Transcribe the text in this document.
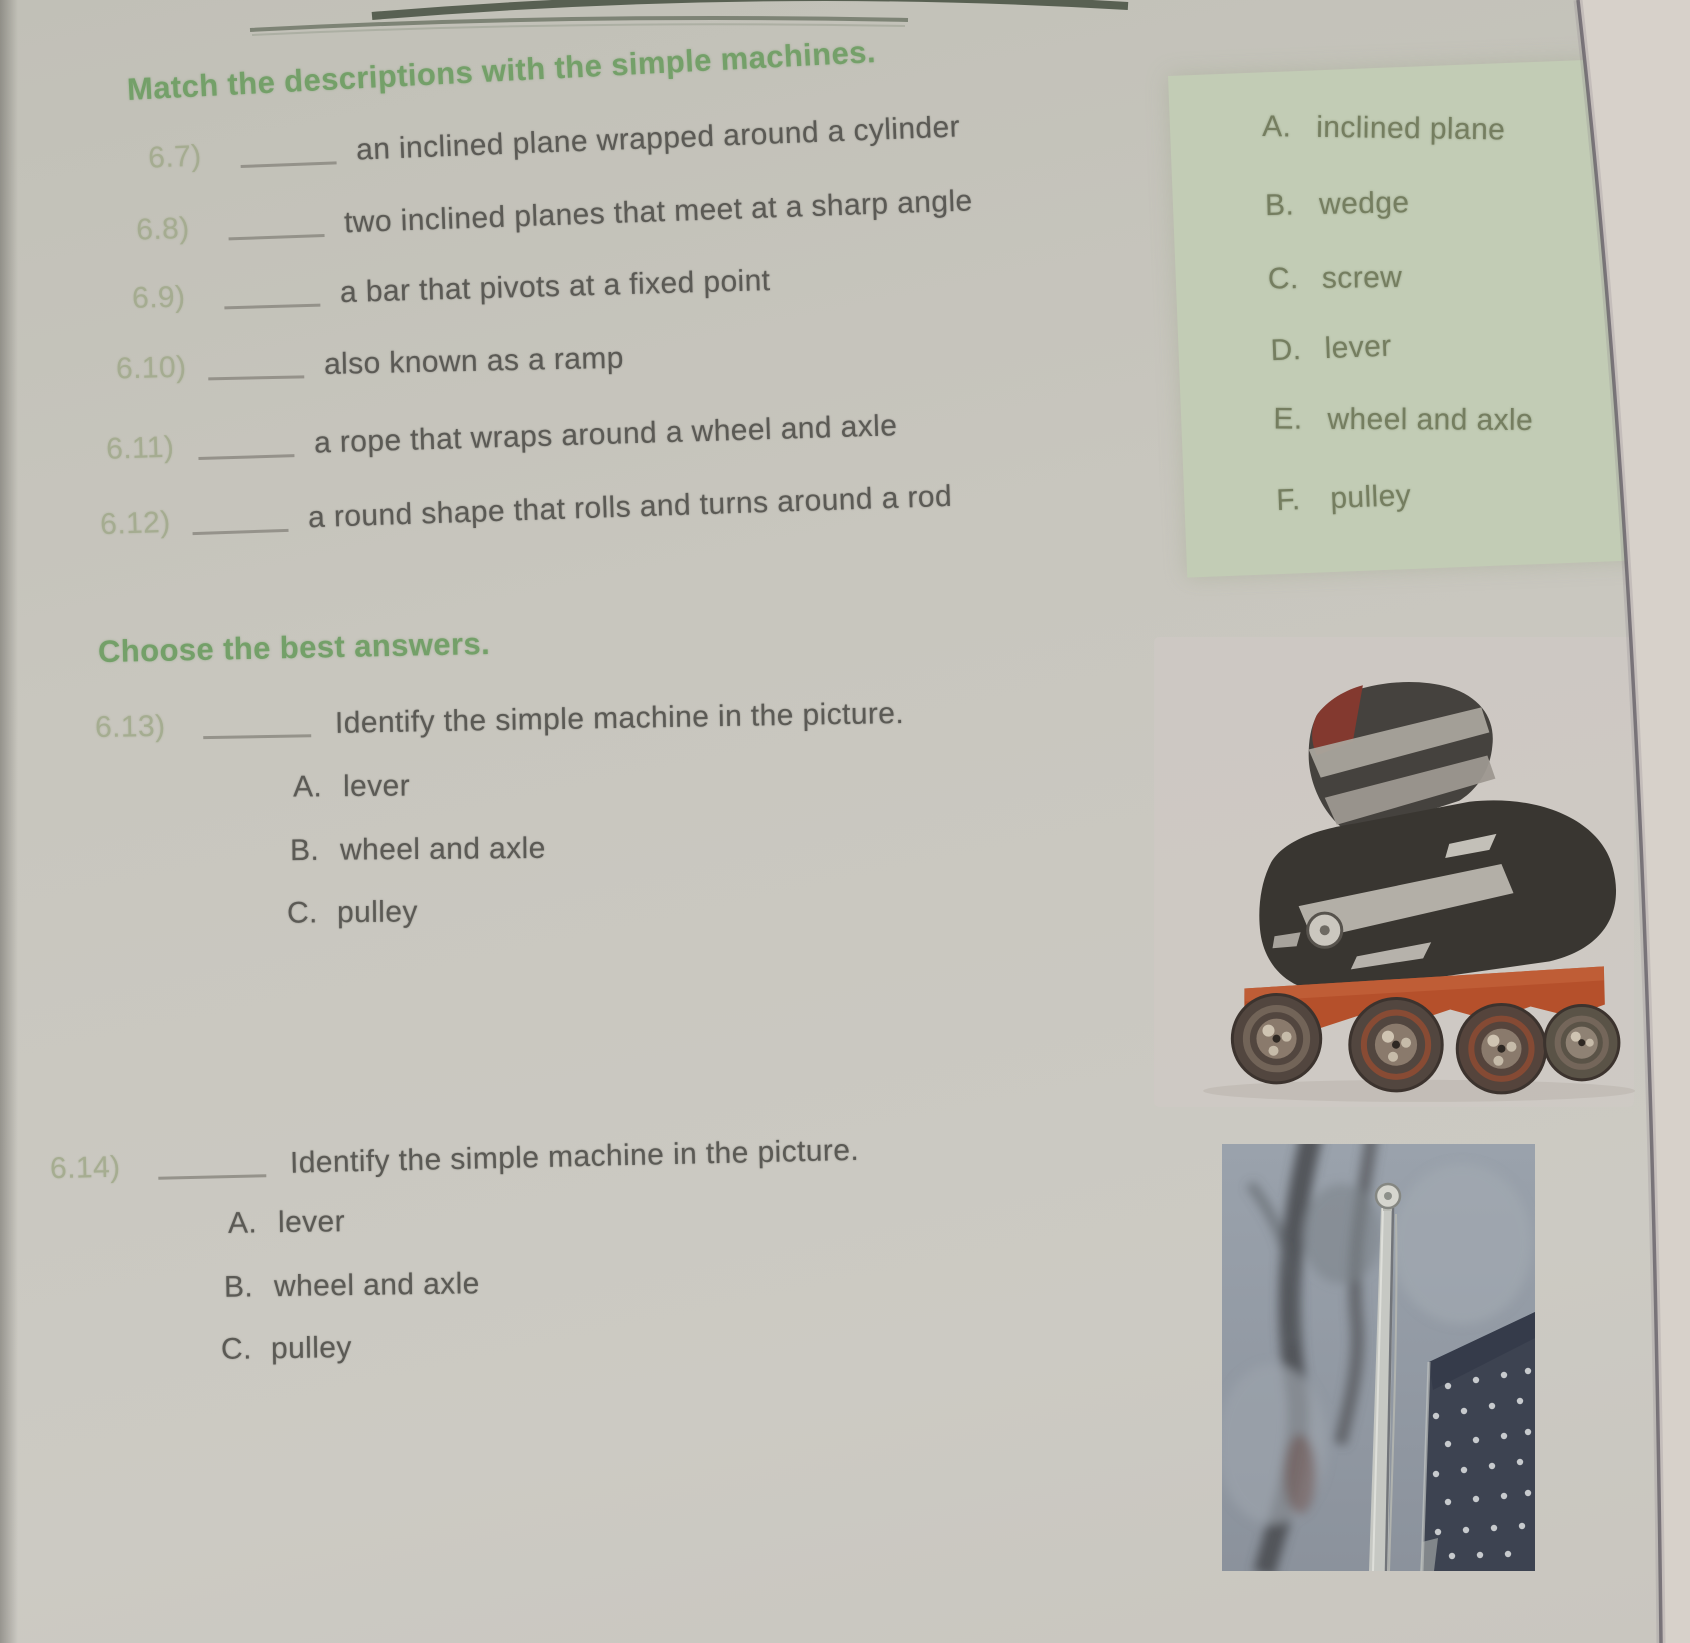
Match the descriptions with the simple machines.
6.7)	an inclined plane wrapped around a cylinder
6.8)	two inclined planes that meet at a sharp angle
6.9)	a bar that pivots at a fixed point
6.10)	also known as a ramp
6.11)	a rope that wraps around a wheel and axle
6.12)	a round shape that rolls and turns around a rod
A. inclined plane
B. wedge
C. screw
D. lever
E. wheel and axle
F. pulley
Choose the best answers.
6.13)	Identify the simple machine in the picture.
A. lever
B. wheel and axle
C. pulley
6.14)	Identify the simple machine in the picture.
A. lever
B. wheel and axle
C. pulley
